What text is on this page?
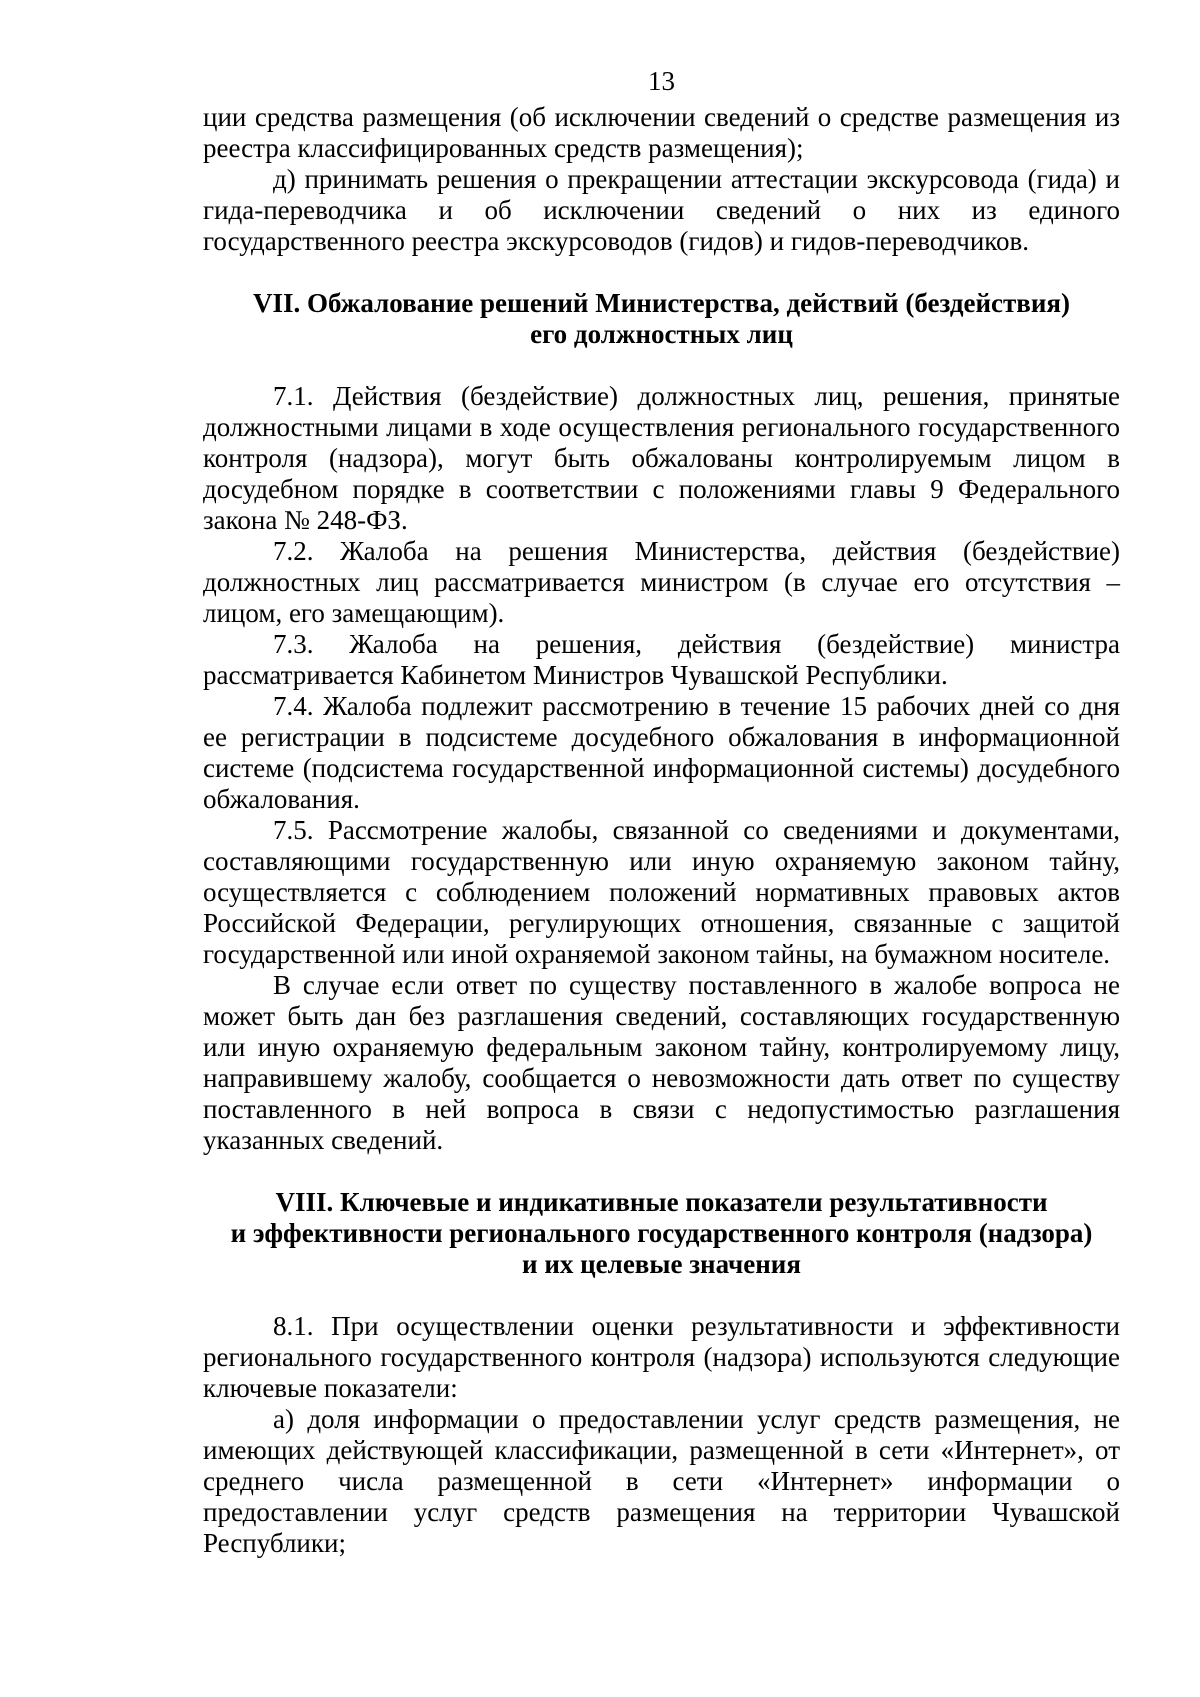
13

ции средства размещения (об исключении сведений о средстве размещения из реестра классифицированных средств размещения);

д) принимать решения о прекращении аттестации экскурсовода (гида) и гида-переводчика и об исключении сведений о них из единого государственного реестра экскурсоводов (гидов) и гидов-переводчиков.

VII. Обжалование решений Министерства, действий (бездействия)

его должностных лиц

7.1. Действия (бездействие) должностных лиц, решения, принятые должностными лицами в ходе осуществления регионального государственного контроля (надзора), могут быть обжалованы контролируемым лицом в досудебном порядке в соответствии с положениями главы 9 Федерального закона № 248-ФЗ.

7.2. Жалоба на решения Министерства, действия (бездействие) должностных лиц рассматривается министром (в случае его отсутствия – лицом, его замещающим).

7.3. Жалоба на решения, действия (бездействие) министра рассматривается Кабинетом Министров Чувашской Республики.

7.4. Жалоба подлежит рассмотрению в течение 15 рабочих дней со дня ее регистрации в подсистеме досудебного обжалования в информационной системе (подсистема государственной информационной системы) досудебного обжалования.

7.5. Рассмотрение жалобы, связанной со сведениями и документами, составляющими государственную или иную охраняемую законом тайну, осуществляется с соблюдением положений нормативных правовых актов Российской Федерации, регулирующих отношения, связанные с защитой государственной или иной охраняемой законом тайны, на бумажном носителе.

В случае если ответ по существу поставленного в жалобе вопроса не может быть дан без разглашения сведений, составляющих государственную или иную охраняемую федеральным законом тайну, контролируемому лицу, направившему жалобу, сообщается о невозможности дать ответ по существу поставленного в ней вопроса в связи с недопустимостью разглашения указанных сведений.

VIII. Ключевые и индикативные показатели результативности

и эффективности регионального государственного контроля (надзора)

и их целевые значения

8.1. При осуществлении оценки результативности и эффективности регионального государственного контроля (надзора) используются следующие ключевые показатели:

а) доля информации о предоставлении услуг средств размещения, не имеющих действующей классификации, размещенной в сети «Интернет», от среднего числа размещенной в сети «Интернет» информации о предоставлении услуг средств размещения на территории Чувашской Республики;
